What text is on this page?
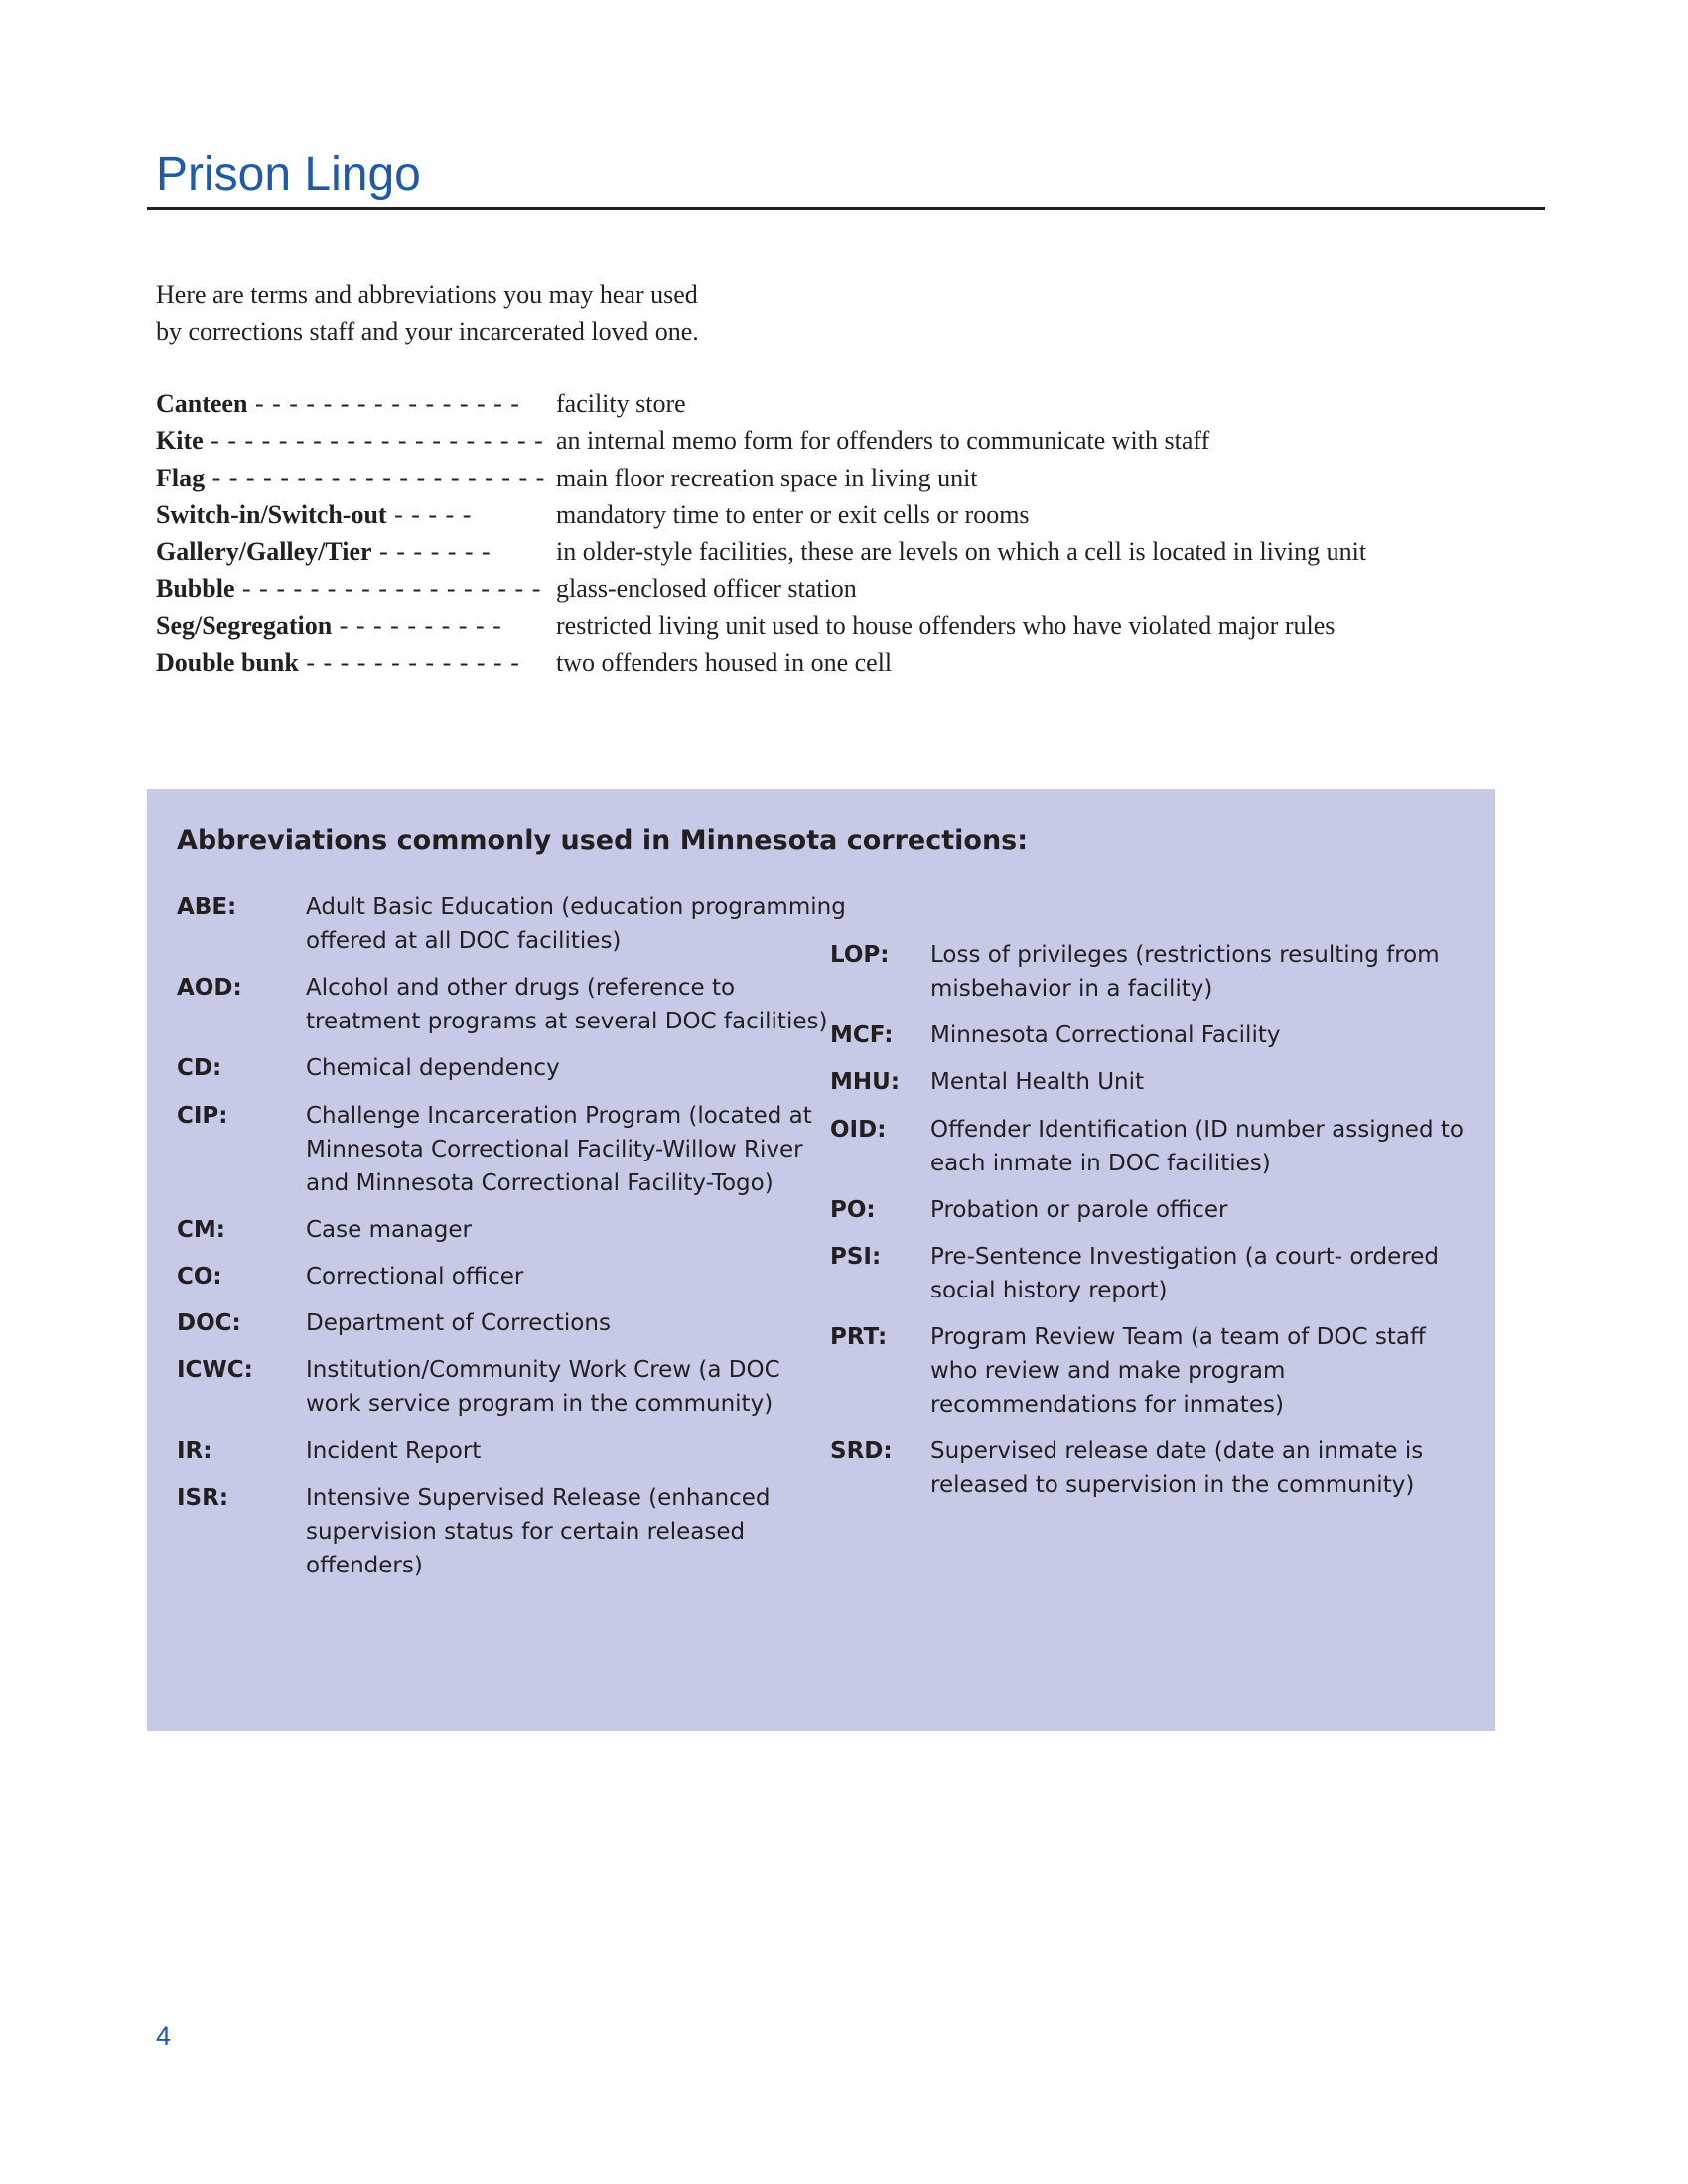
Prison Lingo
Here are terms and abbreviations you may hear used
by corrections staff and your incarcerated loved one.
Canteen - - - - - - - - - - - - - - - - facility store
Kite - - - - - - - - - - - - - - - - - - - - an internal memo form for offenders to communicate with staff
Flag - - - - - - - - - - - - - - - - - - - - main floor recreation space in living unit
Switch-in/Switch-out - - - - -	mandatory time to enter or exit cells or rooms
Gallery/Galley/Tier - - - - - - -	in older-style facilities, these are levels on which a cell is located in living unit
Bubble - - - - - - - - - - - - - - - - - - glass-enclosed officer station
Seg/Segregation - - - - - - - - - - restricted living unit used to house offenders who have violated major rules
Double bunk - - - - - - - - - - - - - two offenders housed in one cell
Abbreviations commonly used in Minnesota corrections:
ABE:	Adult Basic Education (education programming
offered at all DOC facilities)
AOD:	Alcohol and other drugs (reference to
treatment programs at several DOC facilities)
CD:	Chemical dependency
CIP:	Challenge Incarceration Program (located at
Minnesota Correctional Facility-Willow River
and Minnesota Correctional Facility-Togo)
CM:	Case manager
CO:	Correctional officer
DOC:	Department of Corrections
ICWC: Institution/Community Work Crew (a DOC
work service program in the community)
IR:	Incident Report
ISR:	Intensive Supervised Release (enhanced
supervision status for certain released
offenders)
LOP: Loss of privileges (restrictions resulting from
misbehavior in a facility)
MCF: Minnesota Correctional Facility
MHU: Mental Health Unit
OID: Offender Identification (ID number assigned to
each inmate in DOC facilities)
PO: Probation or parole officer
PSI: Pre-Sentence Investigation (a court- ordered
social history report)
PRT: Program Review Team (a team of DOC staff
who review and make program
recommendations for inmates)
SRD: Supervised release date (date an inmate is
released to supervision in the community)
4
